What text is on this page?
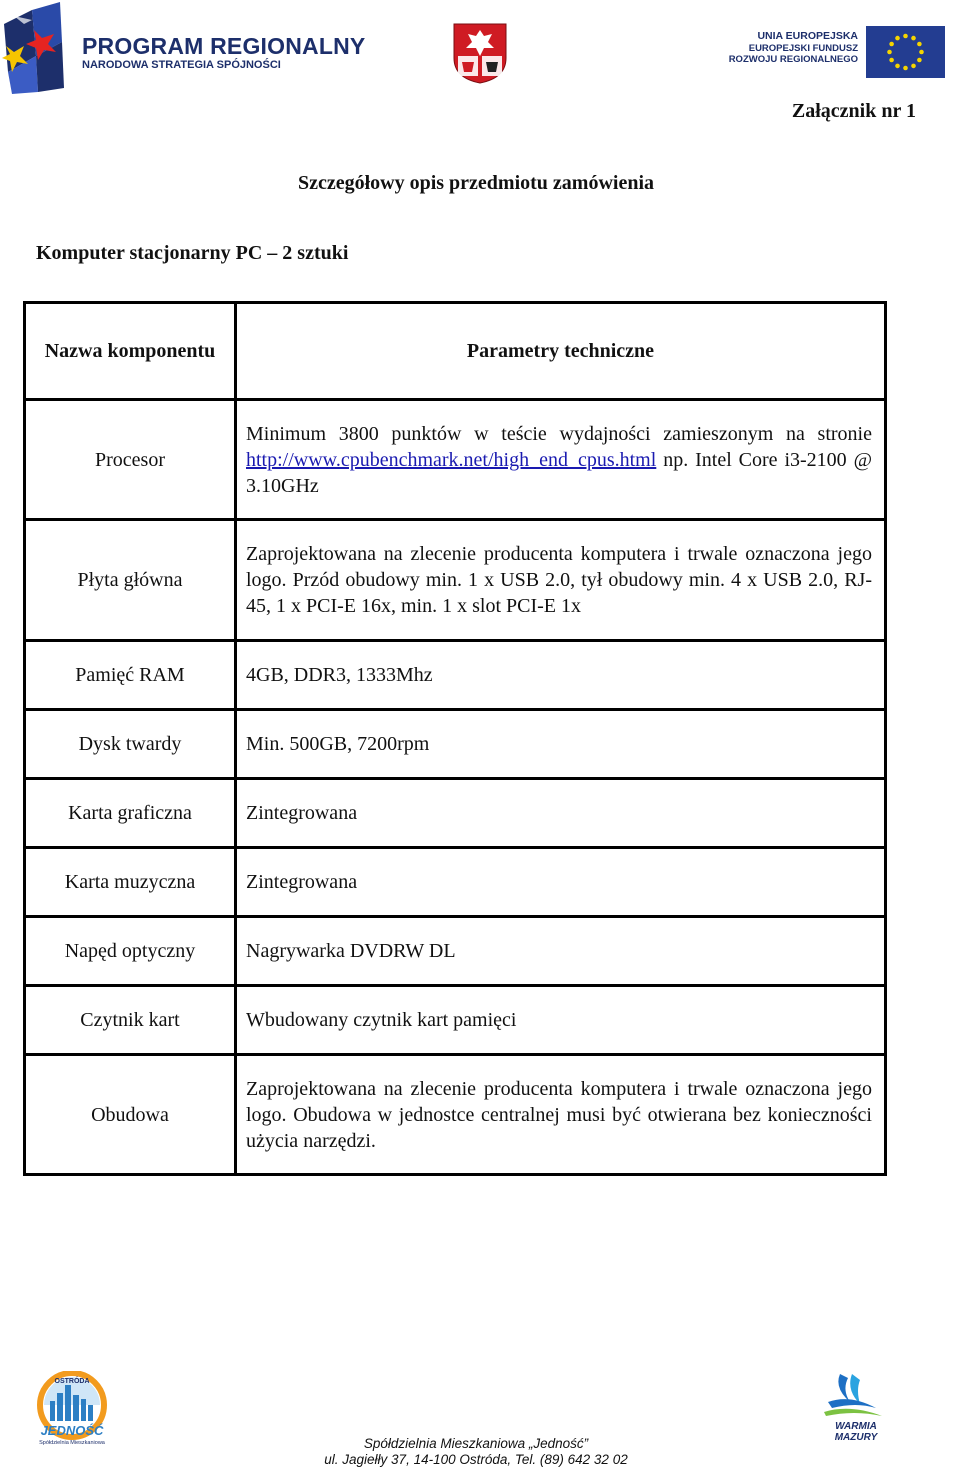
PROGRAM REGIONALNY
NARODOWA STRATEGIA SPÓJNOŚCI
UNIA EUROPEJSKA
EUROPEJSKI FUNDUSZ
ROZWOJU REGIONALNEGO
Załącznik nr 1
Szczegółowy opis przedmiotu zamówienia
Komputer stacjonarny PC – 2 sztuki
Nazwa komponentu	Parametry techniczne
Procesor	Minimum 3800 punktów w teście wydajności zamieszonym na stronie http://www.cpubenchmark.net/high_end_cpus.html np. Intel Core i3-2100 @ 3.10GHz
Płyta główna	Zaprojektowana na zlecenie producenta komputera i trwale oznaczona jego logo. Przód obudowy min. 1 x USB 2.0, tył obudowy min. 4 x USB 2.0, RJ-45, 1 x PCI-E 16x, min. 1 x slot PCI-E 1x
Pamięć RAM	4GB, DDR3, 1333Mhz
Dysk twardy	Min. 500GB, 7200rpm
Karta graficzna	Zintegrowana
Karta muzyczna	Zintegrowana
Napęd optyczny	Nagrywarka DVDRW DL
Czytnik kart	Wbudowany czytnik kart pamięci
Obudowa	Zaprojektowana na zlecenie producenta komputera i trwale oznaczona jego logo. Obudowa w jednostce centralnej musi być otwierana bez konieczności użycia narzędzi.
OSTRÓDA
JEDNOŚĆ
Spółdzielnia Mieszkaniowa
WARMIA
MAZURY
Spółdzielnia Mieszkaniowa „Jedność”
ul. Jagiełły 37, 14-100 Ostróda, Tel. (89) 642 32 02
